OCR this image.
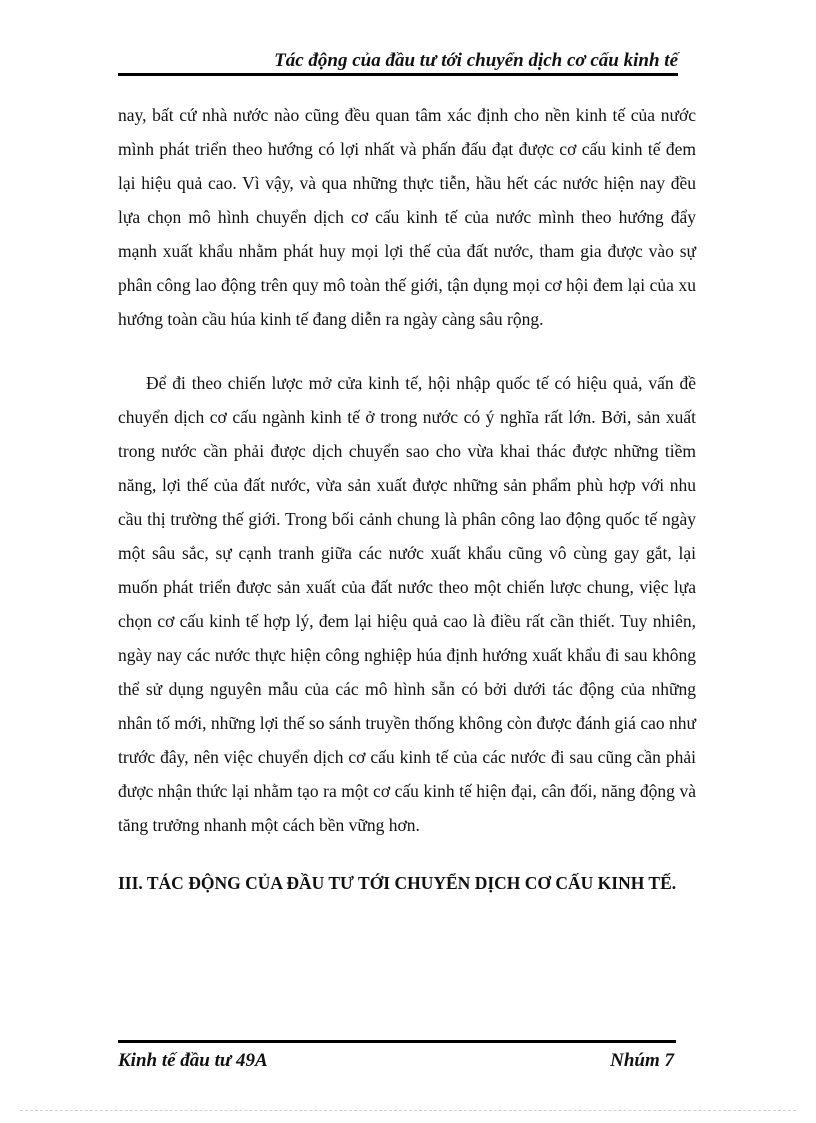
Tác động của đầu tư tới chuyển dịch cơ cấu kinh tế

nay, bất cứ nhà nước nào cũng đều quan tâm xác định cho nền kinh tế của nước mình phát triển theo hướng có lợi nhất và phấn đấu đạt được cơ cấu kinh tế đem lại hiệu quả cao. Vì vậy, và qua những thực tiễn, hầu hết các nước hiện nay đều lựa chọn mô hình chuyển dịch cơ cấu kinh tế của nước mình theo hướng đẩy mạnh xuất khẩu nhằm phát huy mọi lợi thế của đất nước, tham gia được vào sự phân công lao động trên quy mô toàn thế giới, tận dụng mọi cơ hội đem lại của xu hướng toàn cầu húa kinh tế đang diễn ra ngày càng sâu rộng.

Để đi theo chiến lược mở cửa kinh tế, hội nhập quốc tế có hiệu quả, vấn đề chuyển dịch cơ cấu ngành kinh tế ở trong nước có ý nghĩa rất lớn. Bởi, sản xuất trong nước cần phải được dịch chuyển sao cho vừa khai thác được những tiềm năng, lợi thế của đất nước, vừa sản xuất được những sản phẩm phù hợp với nhu cầu thị trường thế giới. Trong bối cảnh chung là phân công lao động quốc tế ngày một sâu sắc, sự cạnh tranh giữa các nước xuất khẩu cũng vô cùng gay gắt, lại muốn phát triển được sản xuất của đất nước theo một chiến lược chung, việc lựa chọn cơ cấu kinh tế hợp lý, đem lại hiệu quả cao là điều rất cần thiết. Tuy nhiên, ngày nay các nước thực hiện công nghiệp húa định hướng xuất khẩu đi sau không thể sử dụng nguyên mẫu của các mô hình sẵn có bởi dưới tác động của những nhân tố mới, những lợi thế so sánh truyền thống không còn được đánh giá cao như trước đây, nên việc chuyển dịch cơ cấu kinh tế của các nước đi sau cũng cần phải được nhận thức lại nhằm tạo ra một cơ cấu kinh tế hiện đại, cân đối, năng động và tăng trưởng nhanh một cách bền vững hơn.

III. TÁC ĐỘNG CỦA ĐẦU TƯ TỚI CHUYỂN DỊCH CƠ CẤU KINH TẾ.
Kinh tế đầu tư 49A	Nhúm 7
